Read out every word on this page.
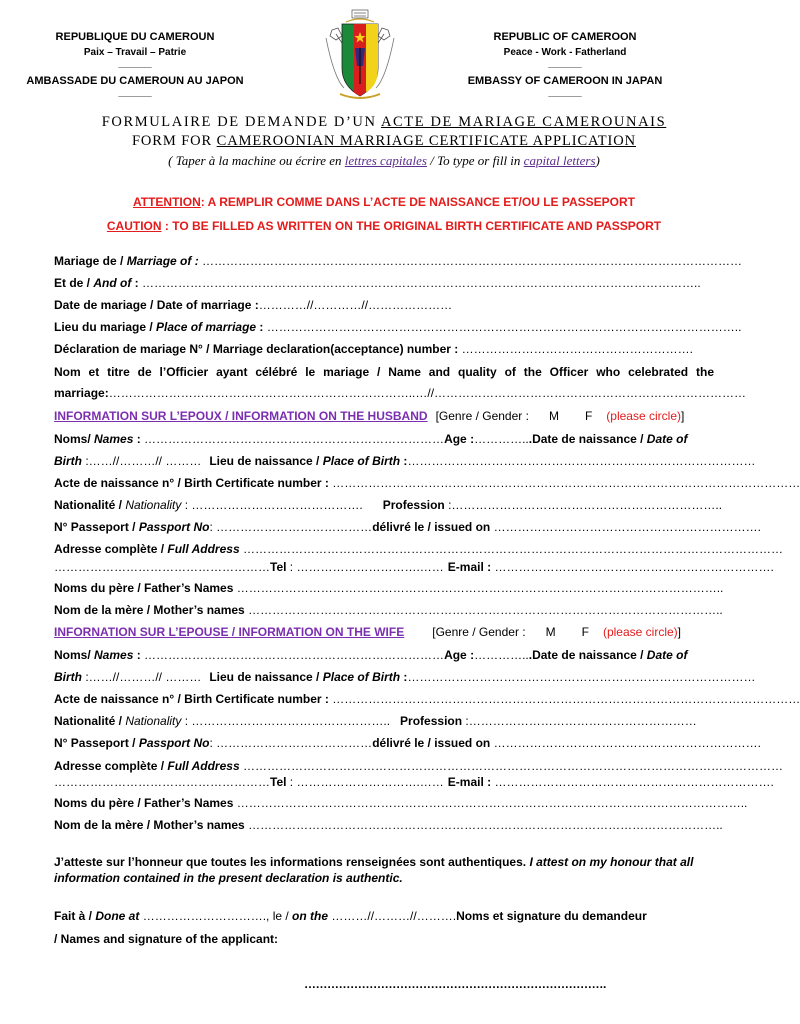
REPUBLIQUE DU CAMEROUN
Paix – Travail – Patrie
______
AMBASSADE DU CAMEROUN AU JAPON
______
REPUBLIC OF CAMEROON
Peace - Work - Fatherland
______
EMBASSY OF CAMEROON IN JAPAN
______
FORMULAIRE DE DEMANDE D’UN ACTE DE MARIAGE CAMEROUNAIS
FORM FOR CAMEROONIAN MARRIAGE CERTIFICATE APPLICATION
( Taper à la machine ou écrire en lettres capitales / To type or fill in capital letters)
ATTENTION: A REMPLIR COMME DANS L’ACTE DE NAISSANCE ET/OU LE PASSEPORT
CAUTION : TO BE FILLED AS WRITTEN ON THE ORIGINAL BIRTH CERTIFICATE AND PASSPORT
Mariage de / Marriage of : ………………………………………………………………………………………………………………………
Et de / And of : …………………………………………………………………………………………………………………………..
Date de mariage / Date of marriage :…………//…………//…………………
Lieu du mariage / Place of marriage : ………………………………………………………………………………………………………..
Déclaration de mariage N° / Marriage declaration(acceptance) number : ………………………………………………….
Nom et titre de l’Officier ayant célébré le mariage / Name and quality of the Officer who celebrated the
marriage:…………………………………………………………………..…//……………………………………………………………………
INFORMATION SUR L’EPOUX / INFORMATION ON THE HUSBAND [Genre / Gender : M F (please circle)]
Noms/ Names : …………………………………………………………………Age :…………...Date de naissance / Date of
Birth :……//………// ……… Lieu de naissance / Place of Birth :……………………………………………………………………………
Acte de naissance n° / Birth Certificate number : ………………………………………………………………………………………………………
Nationalité / Nationality : ……………………………………. Profession :…………………………………………………………..
N° Passeport / Passport No: …………………………………délivré le / issued on ………………………………………………………….
Adresse complète / Full Address ………………………………………………………………………………………………………………………
………………………………………………Tel : ………………………….…… E-mail : …………………………………………………………….
Noms du père / Father’s Names …………………………………………………………………………………………………………..
Nom de la mère / Mother’s names ………………………………………………………………………………………………………..
INFORNATION SUR L’EPOUSE / INFORMATION ON THE WIFE [Genre / Gender : M F (please circle)]
Noms/ Names : …………………………………………………………………Age :…………...Date de naissance / Date of
Birth :……//………// ……… Lieu de naissance / Place of Birth :……………………………………………………………………………
Acte de naissance n° / Birth Certificate number : ………………………………………………………………………………………………………
Nationalité / Nationality : ………………………………………….. Profession :…………………………………………………
N° Passeport / Passport No: …………………………………délivré le / issued on ………………………………………………………….
Adresse complète / Full Address ………………………………………………………………………………………………………………………
………………………………………………Tel : ………………………….…… E-mail : …………………………………………………………….
Noms du père / Father’s Names ………………………………………………………………………………………………………………..
Nom de la mère / Mother’s names ………………………………………………………………………………………………………..
J’atteste sur l’honneur que toutes les informations renseignées sont authentiques. I attest on my honour that all information contained in the present declaration is authentic.
Fait à / Done at …………………………., le / on the ………//………//……….Noms et signature du demandeur
/ Names and signature of the applicant:
…………………………………………………………………….
